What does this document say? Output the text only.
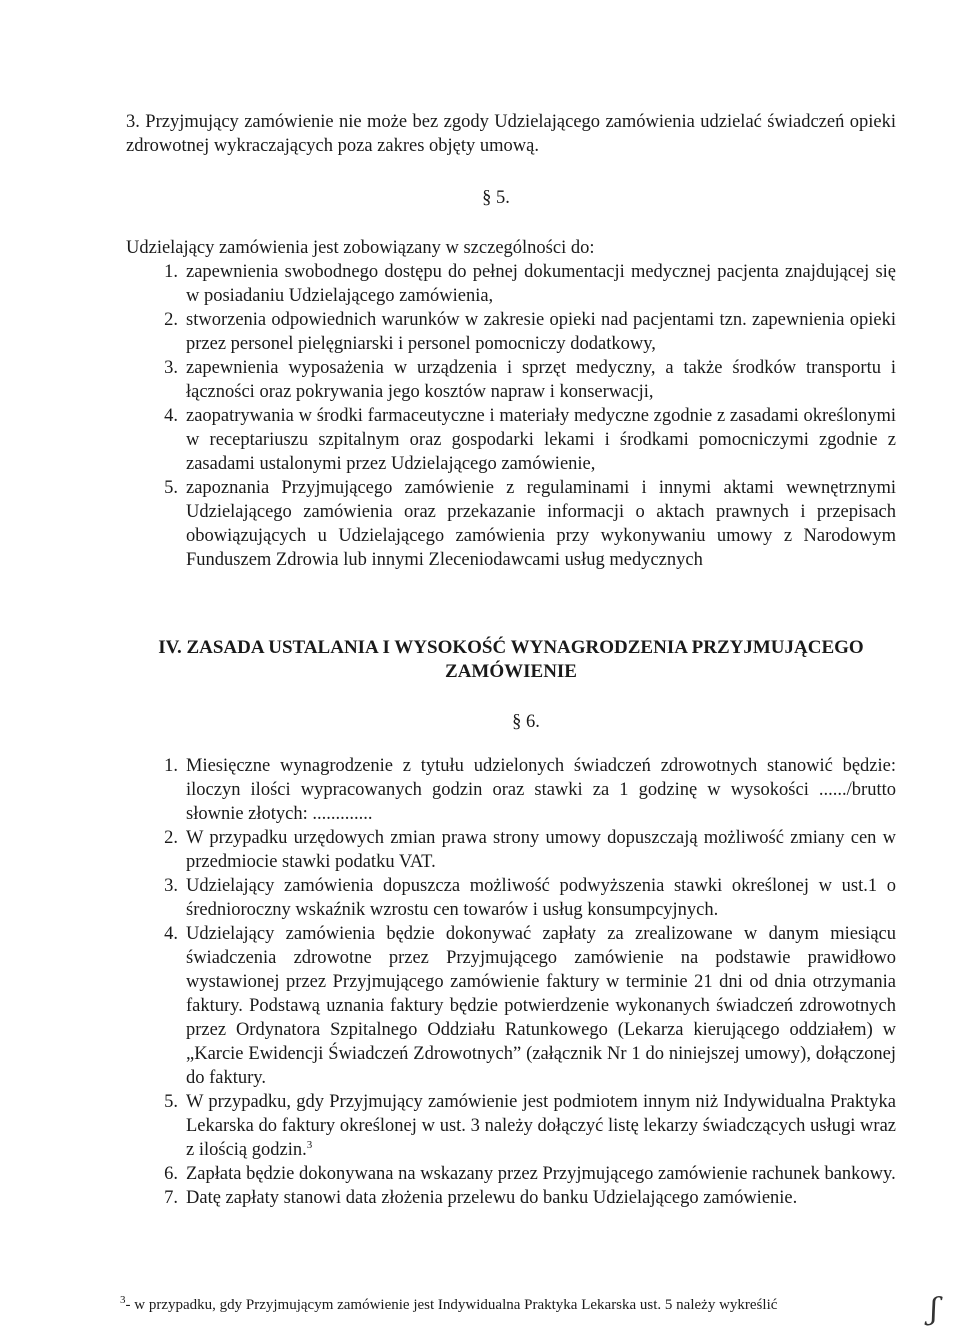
3. Przyjmujący zamówienie nie może bez zgody Udzielającego zamówienia udzielać świadczeń opieki zdrowotnej wykraczających poza zakres objęty umową.
§ 5.
Udzielający zamówienia jest zobowiązany w szczególności do:
1. zapewnienia swobodnego dostępu do pełnej dokumentacji medycznej pacjenta znajdującej się w posiadaniu Udzielającego zamówienia,
2. stworzenia odpowiednich warunków w zakresie opieki nad pacjentami tzn. zapewnienia opieki przez personel pielęgniarski i personel pomocniczy dodatkowy,
3. zapewnienia wyposażenia w urządzenia i sprzęt medyczny, a także środków transportu i łączności oraz pokrywania jego kosztów napraw i konserwacji,
4. zaopatrywania w środki farmaceutyczne i materiały medyczne zgodnie z zasadami określonymi w receptariuszu szpitalnym oraz gospodarki lekami i środkami pomocniczymi zgodnie z zasadami ustalonymi przez Udzielającego zamówienie,
5. zapoznania Przyjmującego zamówienie z regulaminami i innymi aktami wewnętrznymi Udzielającego zamówienia oraz przekazanie informacji o aktach prawnych i przepisach obowiązujących u Udzielającego zamówienia przy wykonywaniu umowy z Narodowym Funduszem Zdrowia lub innymi Zleceniodawcami usług medycznych
IV. ZASADA USTALANIA I WYSOKOŚĆ WYNAGRODZENIA PRZYJMUJĄCEGO
ZAMÓWIENIE
§ 6.
1. Miesięczne wynagrodzenie z tytułu udzielonych świadczeń zdrowotnych stanowić będzie: iloczyn ilości wypracowanych godzin oraz stawki za 1 godzinę w wysokości ....../brutto słownie złotych: .............
2. W przypadku urzędowych zmian prawa strony umowy dopuszczają możliwość zmiany cen w przedmiocie stawki podatku VAT.
3. Udzielający zamówienia dopuszcza możliwość podwyższenia stawki określonej w ust.1 o średnioroczny wskaźnik wzrostu cen towarów i usług konsumpcyjnych.
4. Udzielający zamówienia będzie dokonywać zapłaty za zrealizowane w danym miesiącu świadczenia zdrowotne przez Przyjmującego zamówienie na podstawie prawidłowo wystawionej przez Przyjmującego zamówienie faktury w terminie 21 dni od dnia otrzymania faktury. Podstawą uznania faktury będzie potwierdzenie wykonanych świadczeń zdrowotnych przez Ordynatora Szpitalnego Oddziału Ratunkowego (Lekarza kierującego oddziałem) w „Karcie Ewidencji Świadczeń Zdrowotnych” (załącznik Nr 1 do niniejszej umowy), dołączonej do faktury.
5. W przypadku, gdy Przyjmujący zamówienie jest podmiotem innym niż Indywidualna Praktyka Lekarska do faktury określonej w ust. 3 należy dołączyć listę lekarzy świadczących usługi wraz z ilością godzin.$^3$
6. Zapłata będzie dokonywana na wskazany przez Przyjmującego zamówienie rachunek bankowy.
7. Datę zapłaty stanowi data złożenia przelewu do banku Udzielającego zamówienie.
$^3$- w przypadku, gdy Przyjmującym zamówienie jest Indywidualna Praktyka Lekarska ust. 5 należy wykreślić	ʃ
